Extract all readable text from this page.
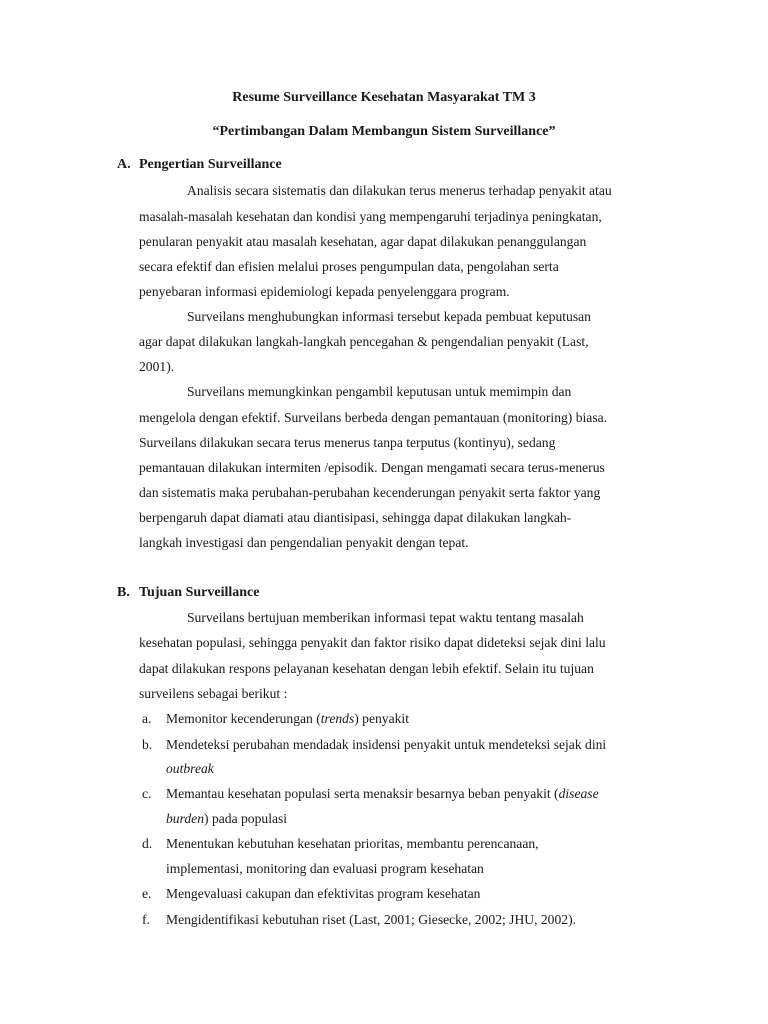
Resume Surveillance Kesehatan Masyarakat TM 3
“Pertimbangan Dalam Membangun Sistem Surveillance”
A. Pengertian Surveillance
Analisis secara sistematis dan dilakukan terus menerus terhadap penyakit atau
masalah-masalah kesehatan dan kondisi yang mempengaruhi terjadinya peningkatan,
penularan penyakit atau masalah kesehatan, agar dapat dilakukan penanggulangan
secara efektif dan efisien melalui proses pengumpulan data, pengolahan serta
penyebaran informasi epidemiologi kepada penyelenggara program.
Surveilans menghubungkan informasi tersebut kepada pembuat keputusan
agar dapat dilakukan langkah-langkah pencegahan & pengendalian penyakit (Last,
2001).
Surveilans memungkinkan pengambil keputusan untuk memimpin dan
mengelola dengan efektif. Surveilans berbeda dengan pemantauan (monitoring) biasa.
Surveilans dilakukan secara terus menerus tanpa terputus (kontinyu), sedang
pemantauan dilakukan intermiten /episodik. Dengan mengamati secara terus-menerus
dan sistematis maka perubahan-perubahan kecenderungan penyakit serta faktor yang
berpengaruh dapat diamati atau diantisipasi, sehingga dapat dilakukan langkah-
langkah investigasi dan pengendalian penyakit dengan tepat.
B. Tujuan Surveillance
Surveilans bertujuan memberikan informasi tepat waktu tentang masalah
kesehatan populasi, sehingga penyakit dan faktor risiko dapat dideteksi sejak dini lalu
dapat dilakukan respons pelayanan kesehatan dengan lebih efektif. Selain itu tujuan
surveilens sebagai berikut :
a. Memonitor kecenderungan (trends) penyakit
b. Mendeteksi perubahan mendadak insidensi penyakit untuk mendeteksi sejak dini
outbreak
c. Memantau kesehatan populasi serta menaksir besarnya beban penyakit (disease
burden) pada populasi
d. Menentukan kebutuhan kesehatan prioritas, membantu perencanaan,
implementasi, monitoring dan evaluasi program kesehatan
e. Mengevaluasi cakupan dan efektivitas program kesehatan
f. Mengidentifikasi kebutuhan riset (Last, 2001; Giesecke, 2002; JHU, 2002).
